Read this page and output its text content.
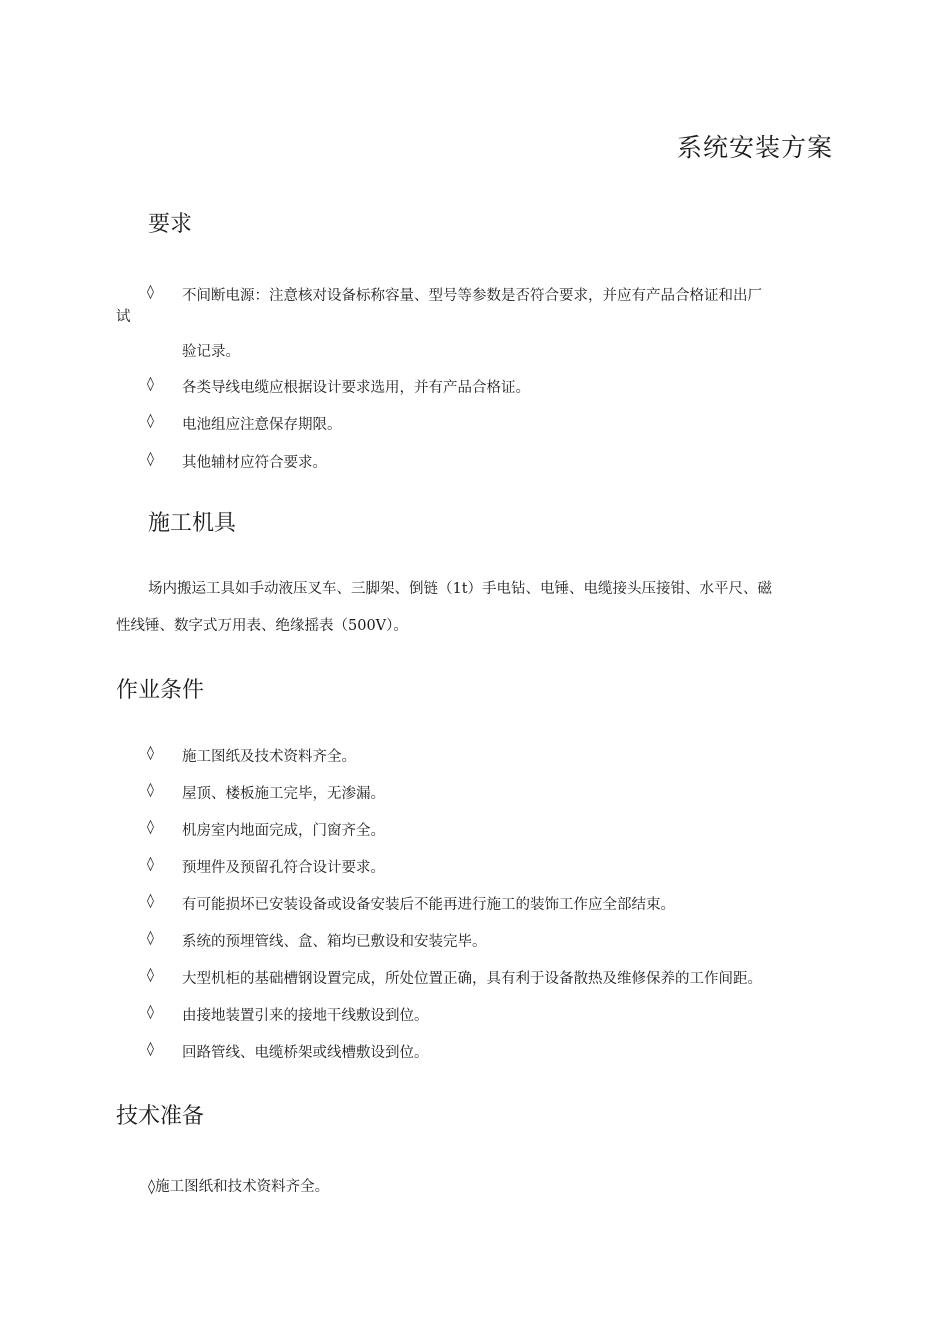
系统安装方案
要求
◊ 不间断电源：注意核对设备标称容量、型号等参数是否符合要求，并应有产品合格证和出厂
试
验记录。
◊ 各类导线电缆应根据设计要求选用，并有产品合格证。
◊ 电池组应注意保存期限。
◊ 其他辅材应符合要求。
施工机具
场内搬运工具如手动液压叉车、三脚架、倒链（1t）手电钻、电锤、电缆接头压接钳、水平尺、磁
性线锤、数字式万用表、绝缘摇表（500V）。
作业条件
◊ 施工图纸及技术资料齐全。
◊ 屋顶、楼板施工完毕，无渗漏。
◊ 机房室内地面完成，门窗齐全。
◊ 预埋件及预留孔符合设计要求。
◊ 有可能损坏已安装设备或设备安装后不能再进行施工的装饰工作应全部结束。
◊ 系统的预埋管线、盒、箱均已敷设和安装完毕。
◊ 大型机柜的基础槽钢设置完成，所处位置正确，具有利于设备散热及维修保养的工作间距。
◊ 由接地装置引来的接地干线敷设到位。
◊ 回路管线、电缆桥架或线槽敷设到位。
技术准备
◊施工图纸和技术资料齐全。
